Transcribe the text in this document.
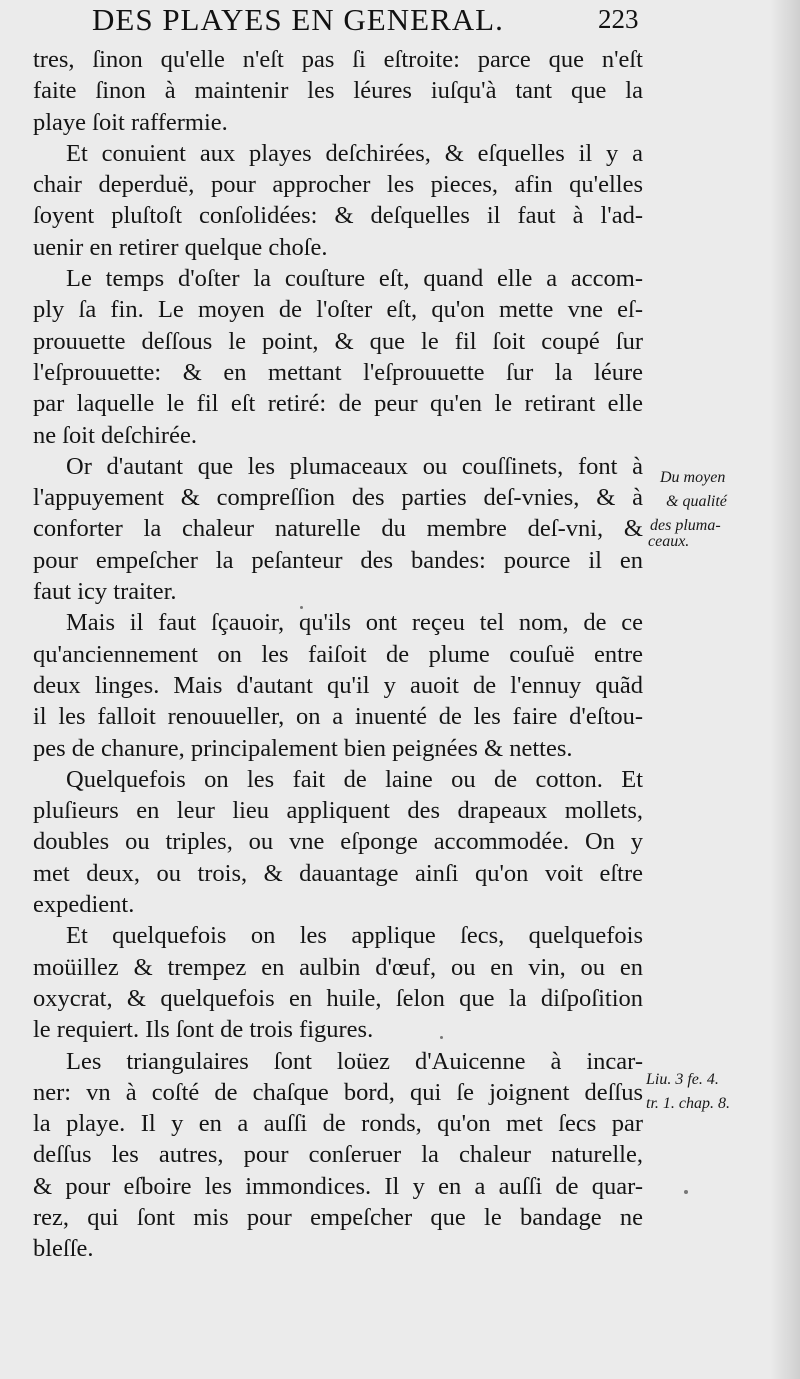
DES PLAYES EN GENERAL.	223
tres, ſinon qu'elle n'eſt pas ſi eſtroite: parce que n'eſt
faite ſinon à maintenir les léures iuſqu'à tant que la
playe ſoit raffermie.
Et conuient aux playes deſchirées, & eſquelles il y a
chair deperduë, pour approcher les pieces, afin qu'elles
ſoyent pluſtoſt conſolidées: & deſquelles il faut à l'ad-
uenir en retirer quelque choſe.
Le temps d'oſter la couſture eſt, quand elle a accom-
ply ſa fin. Le moyen de l'oſter eſt, qu'on mette vne eſ-
prouuette deſſous le point, & que le fil ſoit coupé ſur
l'eſprouuette: & en mettant l'eſprouuette ſur la léure
par laquelle le fil eſt retiré: de peur qu'en le retirant elle
ne ſoit deſchirée.
Or d'autant que les plumaceaux ou couſſinets, font à
l'appuyement & compreſſion des parties deſ-vnies, & à
conforter la chaleur naturelle du membre deſ-vni, &
pour empeſcher la peſanteur des bandes: pource il en
faut icy traiter.
Mais il faut ſçauoir, qu'ils ont reçeu tel nom, de ce
qu'anciennement on les faiſoit de plume couſuë entre
deux linges. Mais d'autant qu'il y auoit de l'ennuy quãd
il les falloit renouueller, on a inuenté de les faire d'eſtou-
pes de chanure, principalement bien peignées & nettes.
Quelquefois on les fait de laine ou de cotton. Et
pluſieurs en leur lieu appliquent des drapeaux mollets,
doubles ou triples, ou vne eſponge accommodée. On y
met deux, ou trois, & dauantage ainſi qu'on voit eſtre
expedient.
Et quelquefois on les applique ſecs, quelquefois
moüillez & trempez en aulbin d'œuf, ou en vin, ou en
oxycrat, & quelquefois en huile, ſelon que la diſpoſition
le requiert. Ils ſont de trois figures.
Les triangulaires ſont loüez d'Auicenne à incar-
ner: vn à coſté de chaſque bord, qui ſe joignent deſſus
la playe. Il y en a auſſi de ronds, qu'on met ſecs par
deſſus les autres, pour conſeruer la chaleur naturelle,
& pour eſboire les immondices. Il y en a auſſi de quar-
rez, qui ſont mis pour empeſcher que le bandage ne
bleſſe.
Du moyen
& qualité
des pluma-
ceaux.
Liu. 3 fe. 4.
tr. 1. chap. 8.
